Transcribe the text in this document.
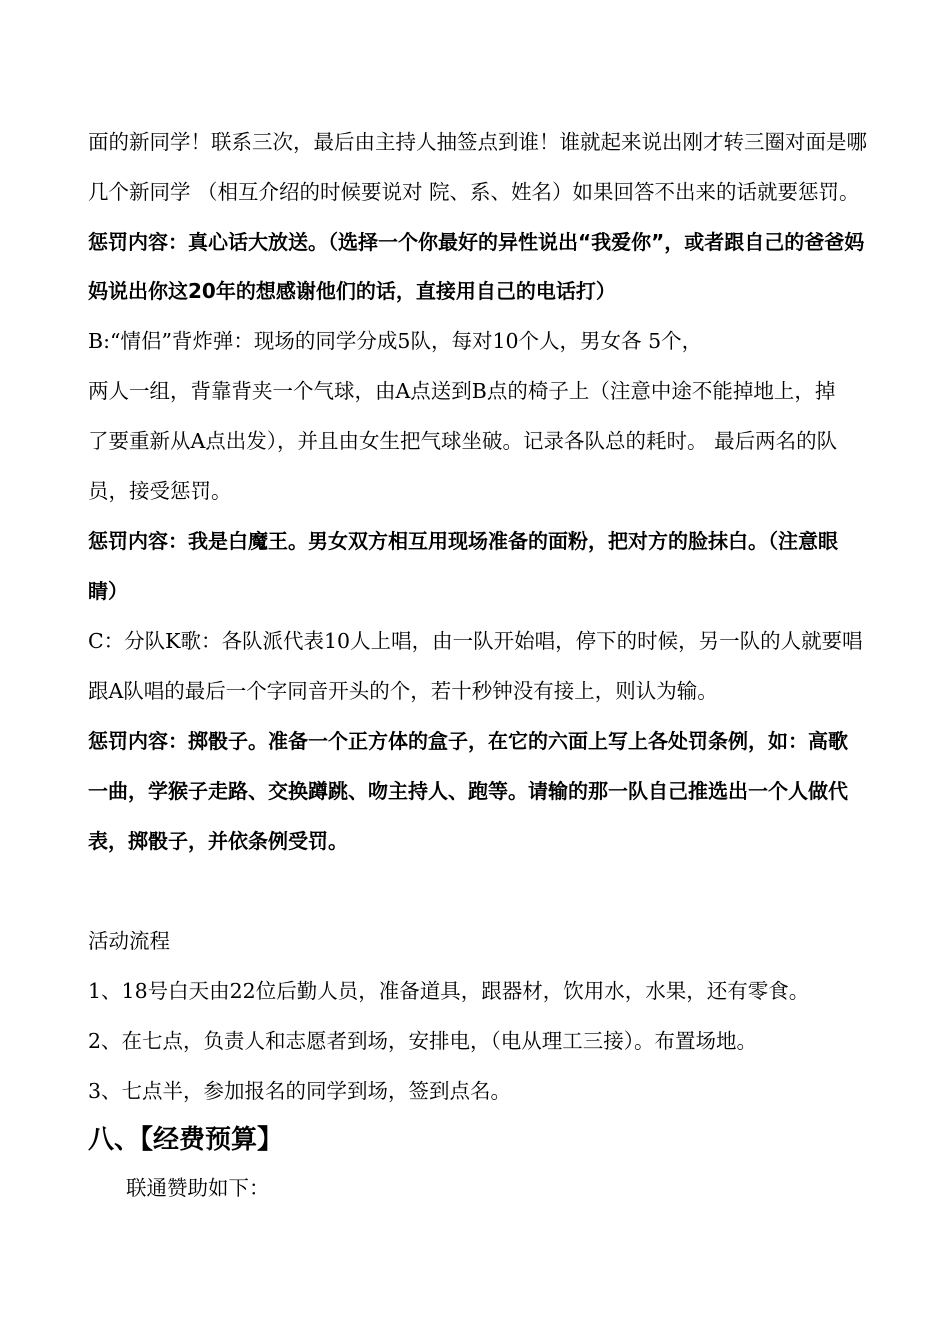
面的新同学！联系三次，最后由主持人抽签点到谁！谁就起来说出刚才转三圈对面是哪
几个新同学 （相互介绍的时候要说对 院、系、姓名）如果回答不出来的话就要惩罚。
惩罚内容：真心话大放送。（选择一个你最好的异性说出“我爱你”，或者跟自己的爸爸妈
妈说出你这20年的想感谢他们的话，直接用自己的电话打）
B:“情侣”背炸弹：现场的同学分成5队，每对10个人，男女各 5个，
两人一组，背靠背夹一个气球，由A点送到B点的椅子上（注意中途不能掉地上，掉
了要重新从A点出发），并且由女生把气球坐破。记录各队总的耗时。 最后两名的队
员，接受惩罚。
惩罚内容：我是白魔王。男女双方相互用现场准备的面粉，把对方的脸抹白。（注意眼
睛）
C：分队K歌：各队派代表10人上唱，由一队开始唱，停下的时候，另一队的人就要唱
跟A队唱的最后一个字同音开头的个，若十秒钟没有接上，则认为输。
惩罚内容：掷骰子。准备一个正方体的盒子，在它的六面上写上各处罚条例，如：高歌
一曲，学猴子走路、交换蹲跳、吻主持人、跑等。请输的那一队自己推选出一个人做代
表，掷骰子，并依条例受罚。
活动流程
1、18号白天由22位后勤人员，准备道具，跟器材，饮用水，水果，还有零食。
2、在七点，负责人和志愿者到场，安排电，（电从理工三接）。布置场地。
3、七点半，参加报名的同学到场，签到点名。
八、【经费预算】
联通赞助如下：
